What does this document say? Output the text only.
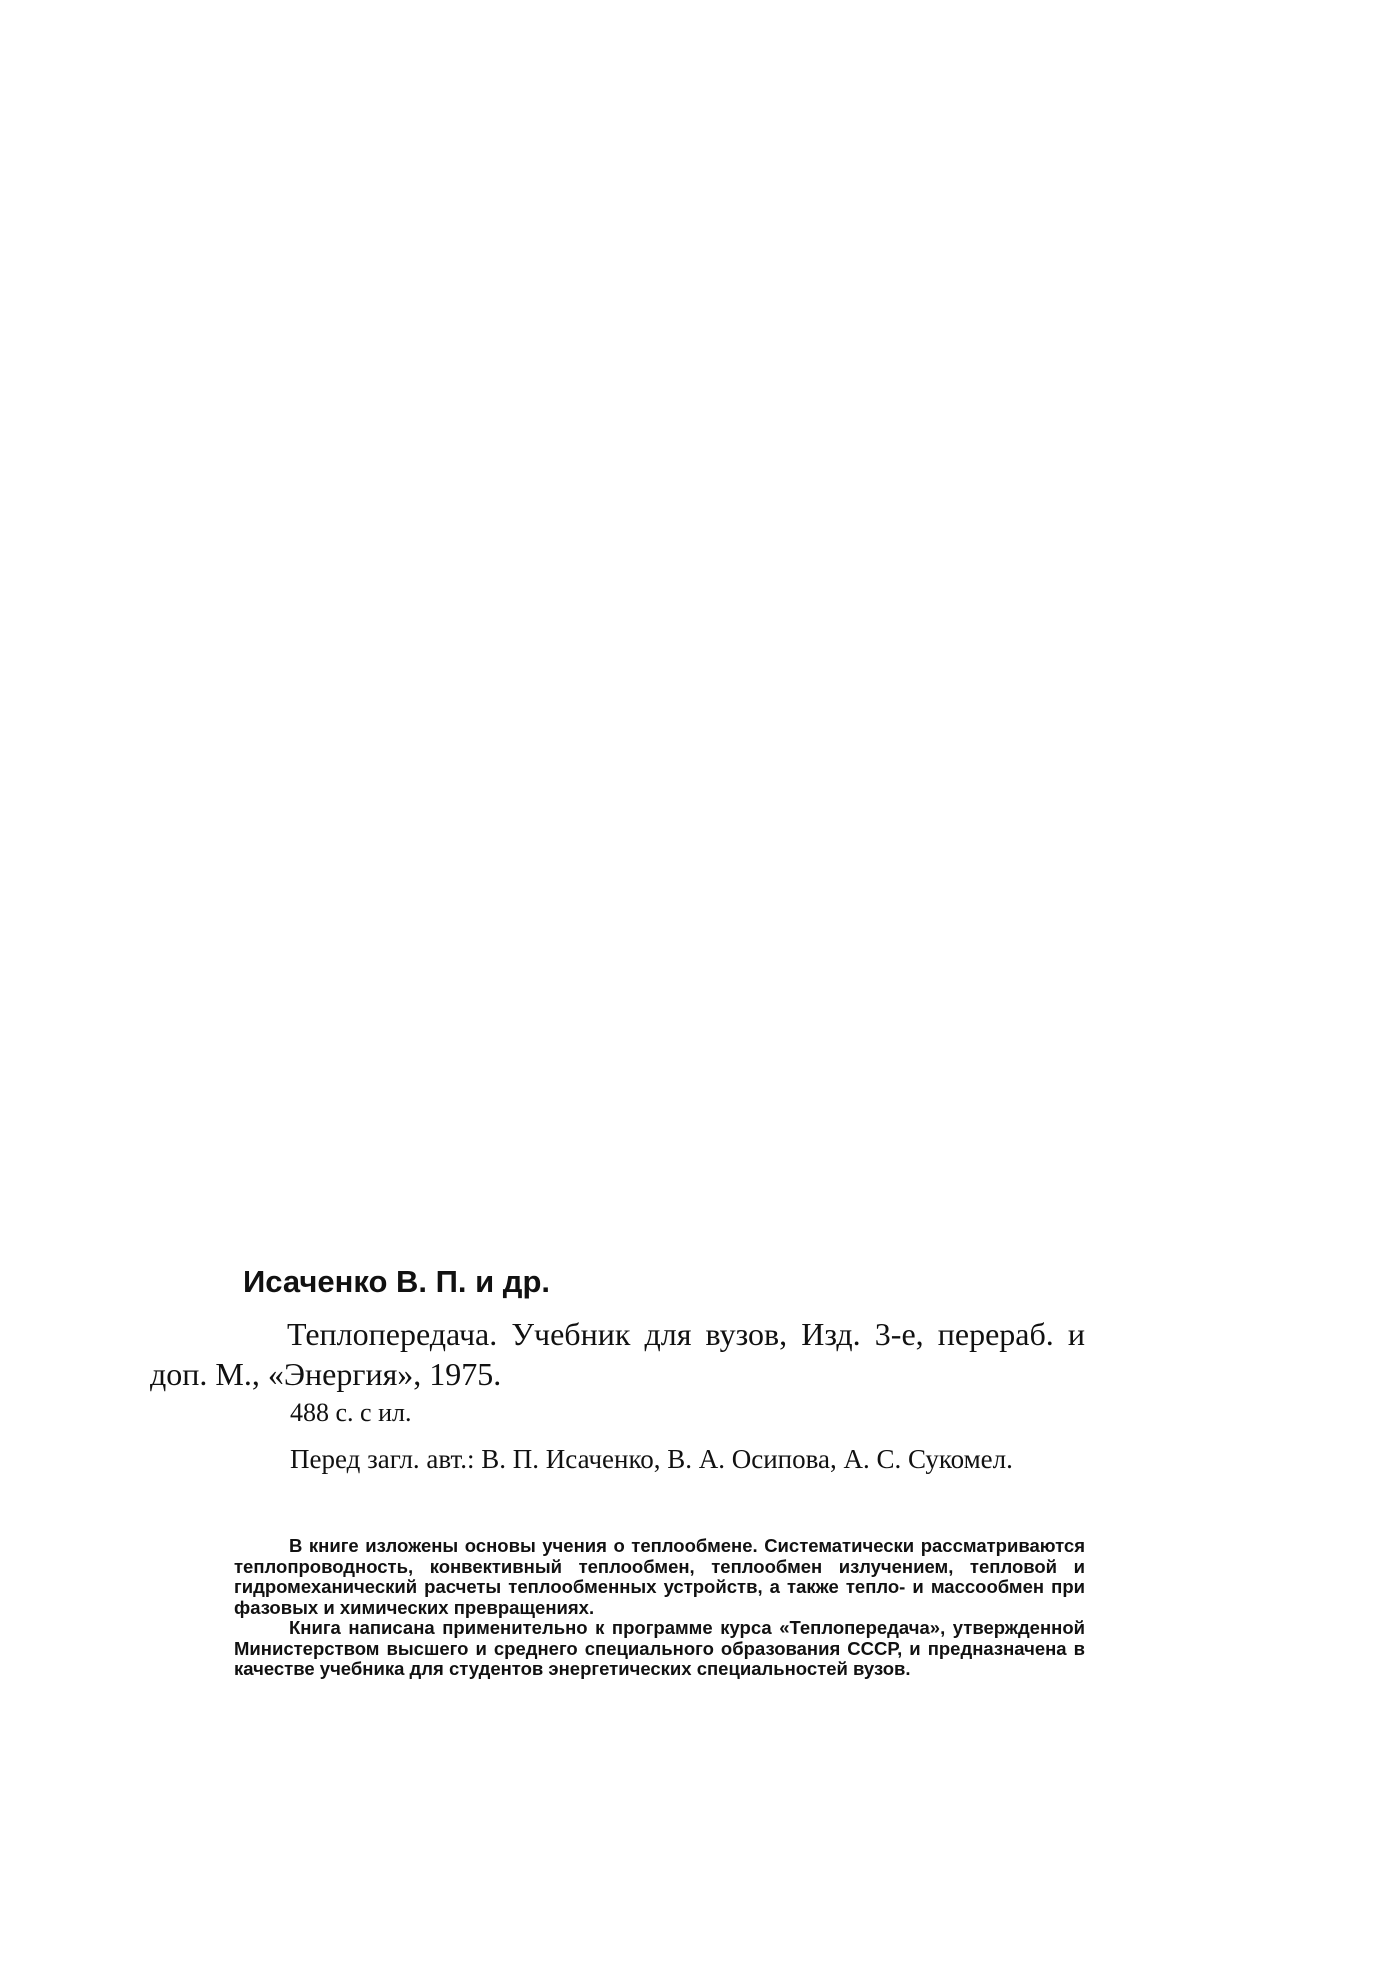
Исаченко В. П. и др.

Теплопередача. Учебник для вузов, Изд. 3-е, перераб. и доп. М., «Энергия», 1975.

488 с. с ил.

Перед загл. авт.: В. П. Исаченко, В. А. Осипова, А. С. Сукомел.

В книге изложены основы учения о теплообмене. Систематически рассматриваются теплопроводность, конвективный теплообмен, теплообмен излучением, тепловой и гидромеханический расчеты теплообменных устройств, а также тепло- и массообмен при фазовых и химических превращениях.

Книга написана применительно к программе курса «Теплопередача», утвержденной Министерством высшего и среднего специального образования СССР, и предназначена в качестве учебника для студентов энергетических специальностей вузов.
